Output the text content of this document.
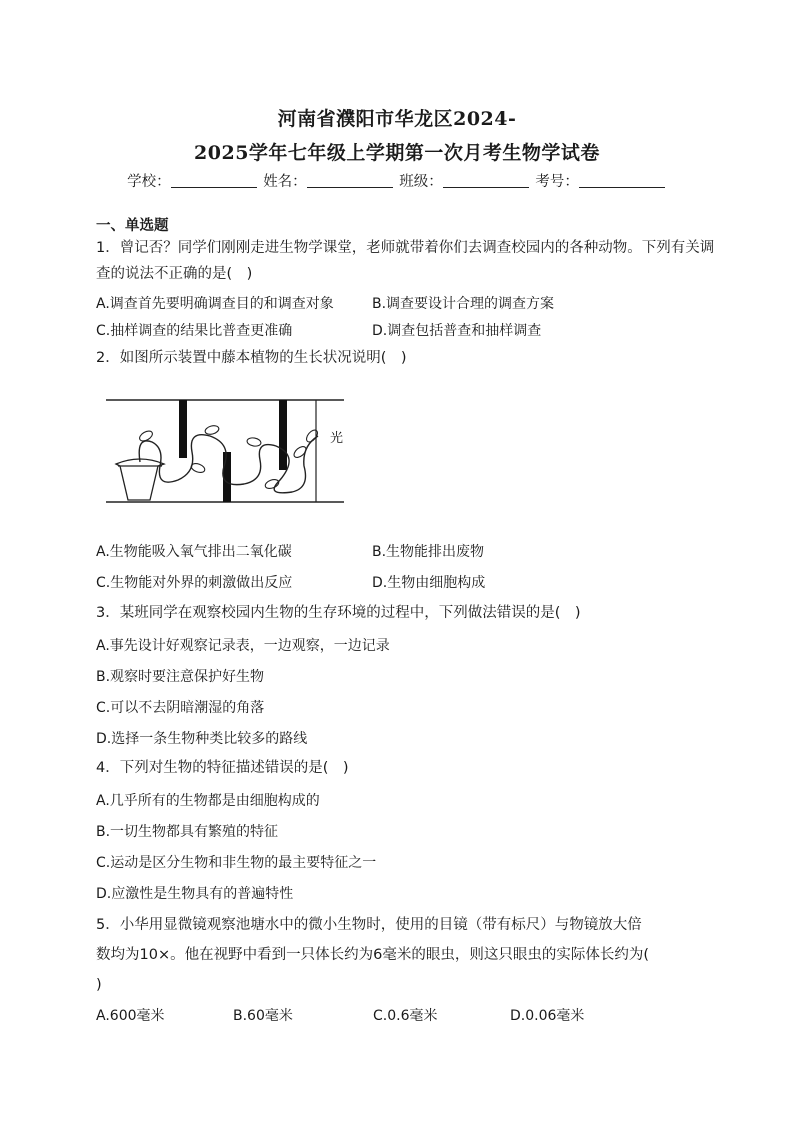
河南省濮阳市华龙区2024-
2025学年七年级上学期第一次月考生物学试卷
学校：	姓名：	班级：	考号：
一、单选题
1．曾记否？同学们刚刚走进生物学课堂，老师就带着你们去调查校园内的各种动物。下列有关调
查的说法不正确的是(　)
A.调查首先要明确调查目的和调查对象	B.调查要设计合理的调查方案
C.抽样调查的结果比普查更准确	D.调查包括普查和抽样调查
2．如图所示装置中藤本植物的生长状况说明(　)
光
A.生物能吸入氧气排出二氧化碳	B.生物能排出废物
C.生物能对外界的刺激做出反应	D.生物由细胞构成
3．某班同学在观察校园内生物的生存环境的过程中，下列做法错误的是(　)
A.事先设计好观察记录表，一边观察，一边记录
B.观察时要注意保护好生物
C.可以不去阴暗潮湿的角落
D.选择一条生物种类比较多的路线
4．下列对生物的特征描述错误的是(　)
A.几乎所有的生物都是由细胞构成的
B.一切生物都具有繁殖的特征
C.运动是区分生物和非生物的最主要特征之一
D.应激性是生物具有的普遍特性
5．小华用显微镜观察池塘水中的微小生物时，使用的目镜（带有标尺）与物镜放大倍
数均为10×。他在视野中看到一只体长约为6毫米的眼虫，则这只眼虫的实际体长约为(
)
A.600毫米	B.60毫米	C.0.6毫米	D.0.06毫米
